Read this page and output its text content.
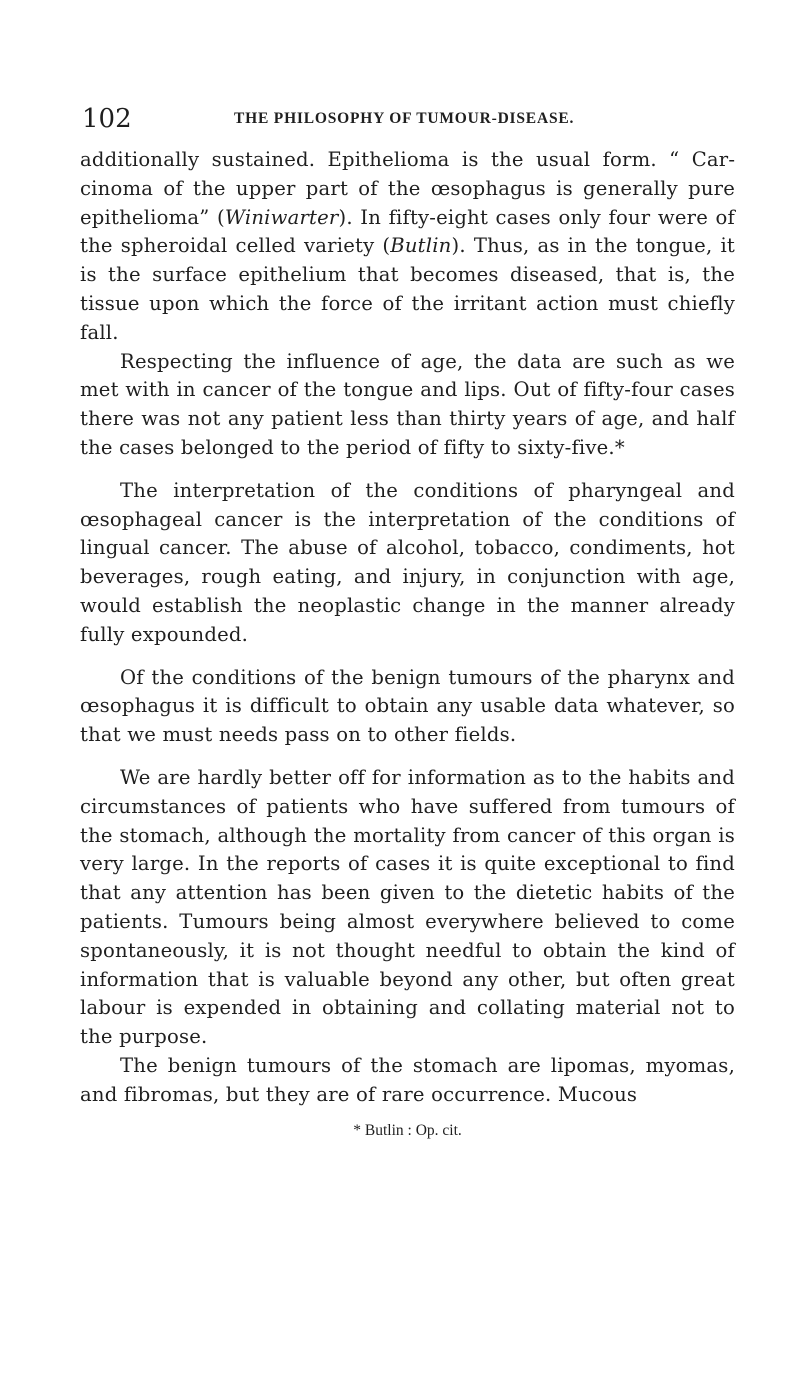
102	THE PHILOSOPHY OF TUMOUR-DISEASE.

additionally sustained. Epithelioma is the usual form. “ Carcinoma of the upper part of the œsophagus is generally pure epithelioma” (Winiwarter). In fifty-eight cases only four were of the spheroidal celled variety (Butlin). Thus, as in the tongue, it is the surface epithelium that becomes diseased, that is, the tissue upon which the force of the irritant action must chiefly fall.

Respecting the influence of age, the data are such as we met with in cancer of the tongue and lips. Out of fifty-four cases there was not any patient less than thirty years of age, and half the cases belonged to the period of fifty to sixty-five.*

The interpretation of the conditions of pharyngeal and œsophageal cancer is the interpretation of the conditions of lingual cancer. The abuse of alcohol, tobacco, condiments, hot beverages, rough eating, and injury, in conjunction with age, would establish the neoplastic change in the manner already fully expounded.

Of the conditions of the benign tumours of the pharynx and œsophagus it is difficult to obtain any usable data whatever, so that we must needs pass on to other fields.

We are hardly better off for information as to the habits and circumstances of patients who have suffered from tumours of the stomach, although the mortality from cancer of this organ is very large. In the reports of cases it is quite exceptional to find that any attention has been given to the dietetic habits of the patients. Tumours being almost everywhere believed to come spontaneously, it is not thought needful to obtain the kind of information that is valuable beyond any other, but often great labour is expended in obtaining and collating material not to the purpose.

The benign tumours of the stomach are lipomas, myomas, and fibromas, but they are of rare occurrence. Mucous

* Butlin : Op. cit.
